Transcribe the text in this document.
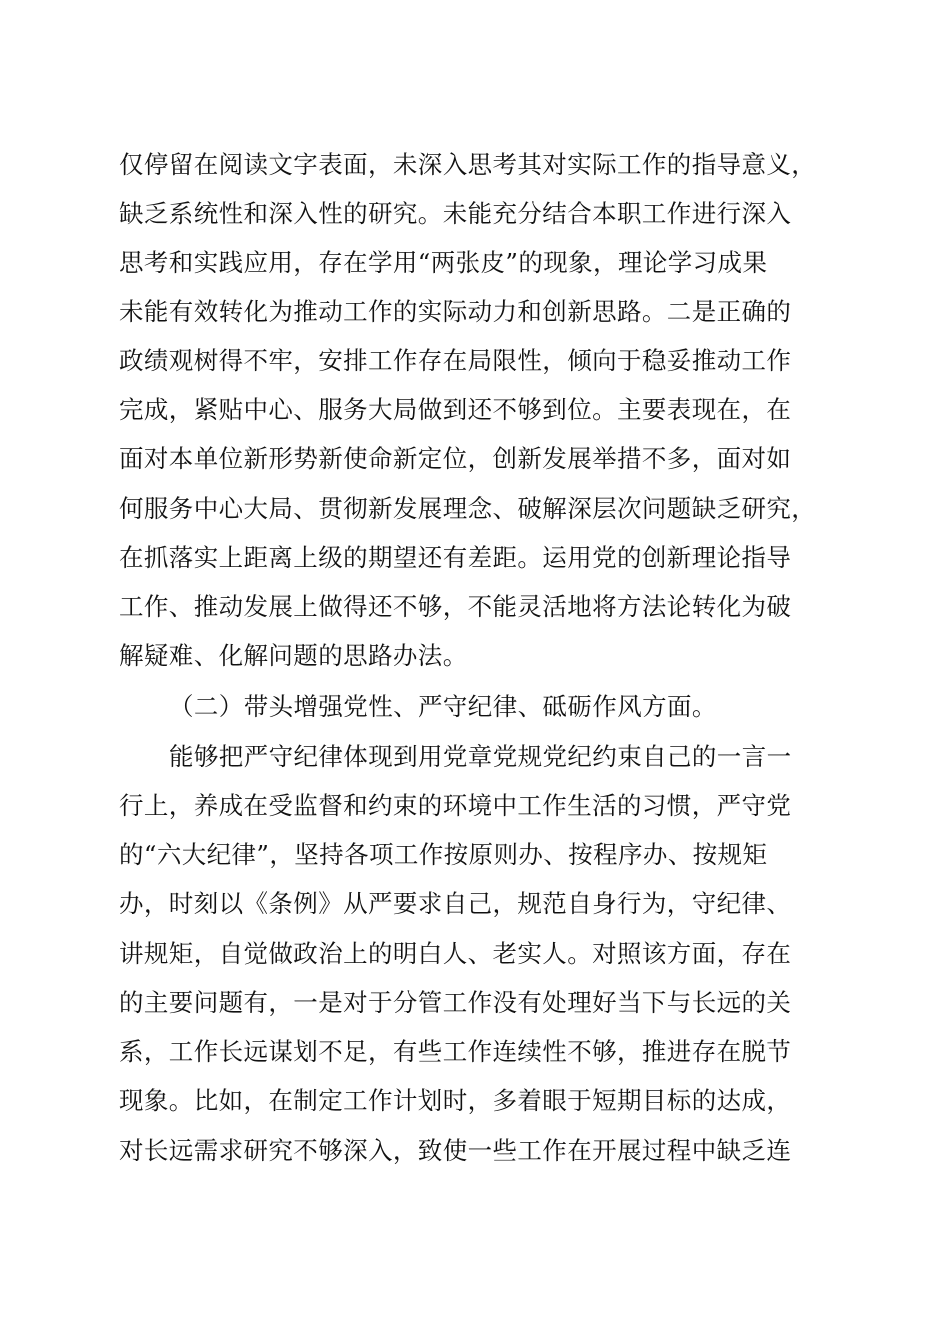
仅停留在阅读文字表面，未深入思考其对实际工作的指导意义，
缺乏系统性和深入性的研究。未能充分结合本职工作进行深入
思考和实践应用，存在学用“两张皮”的现象，理论学习成果
未能有效转化为推动工作的实际动力和创新思路。二是正确的
政绩观树得不牢，安排工作存在局限性，倾向于稳妥推动工作
完成，紧贴中心、服务大局做到还不够到位。主要表现在，在
面对本单位新形势新使命新定位，创新发展举措不多，面对如
何服务中心大局、贯彻新发展理念、破解深层次问题缺乏研究，
在抓落实上距离上级的期望还有差距。运用党的创新理论指导
工作、推动发展上做得还不够，不能灵活地将方法论转化为破
解疑难、化解问题的思路办法。
（二）带头增强党性、严守纪律、砥砺作风方面。
能够把严守纪律体现到用党章党规党纪约束自己的一言一
行上，养成在受监督和约束的环境中工作生活的习惯，严守党
的“六大纪律”，坚持各项工作按原则办、按程序办、按规矩
办，时刻以《条例》从严要求自己，规范自身行为，守纪律、
讲规矩，自觉做政治上的明白人、老实人。对照该方面，存在
的主要问题有，一是对于分管工作没有处理好当下与长远的关
系，工作长远谋划不足，有些工作连续性不够，推进存在脱节
现象。比如，在制定工作计划时，多着眼于短期目标的达成，
对长远需求研究不够深入，致使一些工作在开展过程中缺乏连
